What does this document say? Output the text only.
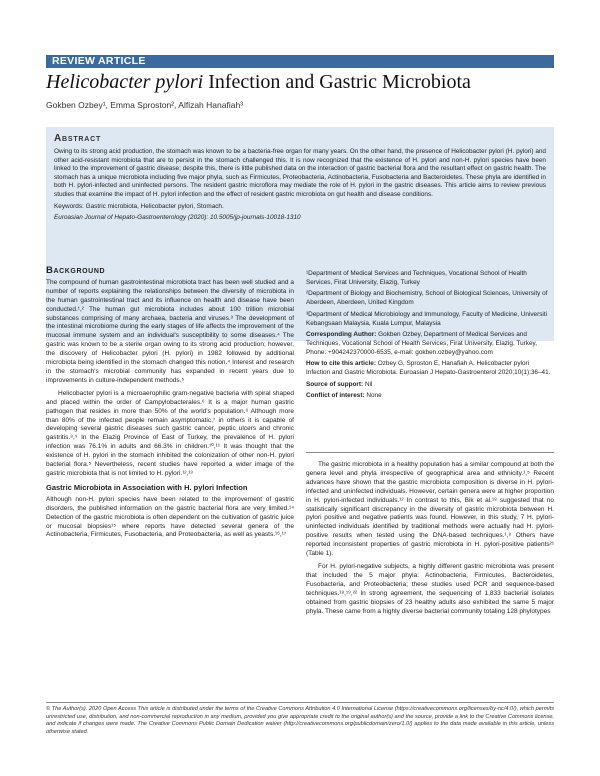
REVIEW ARTICLE
Helicobacter pylori Infection and Gastric Microbiota
Gokben Ozbey¹, Emma Sproston², Alfizah Hanafiah³
Abstract
Owing to its strong acid production, the stomach was known to be a bacteria-free organ for many years. On the other hand, the presence of Helicobacter pylori (H. pylori) and other acid-resistant microbiota that are to persist in the stomach challenged this. It is now recognized that the existence of H. pylori and non-H. pylori species have been linked to the improvement of gastric disease; despite this, there is little published data on the interaction of gastric bacterial flora and the resultant effect on gastric health. The stomach has a unique microbiota including five major phyla, such as Firmicutes, Proteobacteria, Actinobacteria, Fusobacteria and Bacteroidetes. These phyla are identified in both H. pylori-infected and uninfected persons. The resident gastric microflora may mediate the role of H. pylori in the gastric diseases. This article aims to review previous studies that examine the impact of H. pylori infection and the effect of resident gastric microbiota on gut health and disease conditions.
Keywords: Gastric microbiota, Helicobacter pylori, Stomach.
Euroasian Journal of Hepato-Gastroenterology (2020): 10.5005/jp-journals-10018-1310
Background

The compound of human gastrointestinal microbiota tract has been well studied and a number of reports explaining the relationships between the diversity of microbiota in the human gastrointestinal tract and its influence on health and disease have been conducted.¹,² The human gut microbiota includes about 100 trillion microbial substances comprising of many archaea, bacteria and viruses.³ The development of the intestinal microbiome during the early stages of life affects the improvement of the mucosal immune system and an individual's susceptibility to some diseases.⁴ The gastric was known to be a sterile organ owing to its strong acid production; however, the discovery of Helicobacter pylori (H. pylori) in 1982 followed by additional microbiota being identified in the stomach changed this notion.⁴ Interest and research in the stomach's microbial community has expanded in recent years due to improvements in culture-independent methods.⁵

Helicobacter pylori is a microaerophilic gram-negative bacteria with spiral shaped and placed within the order of Campylobacterales.⁶ It is a major human gastric pathogen that resides in more than 50% of the world's population.⁶ Although more than 80% of the infected people remain asymptomatic,⁷ in others it is capable of developing several gastric diseases such gastric cancer, peptic ulcers and chronic gastritis.⁸,⁹ In the Elazig Province of East of Turkey, the prevalence of H. pylori infection was 76.1% in adults and 66.3% in children.¹⁰,¹¹ It was thought that the existence of H. pylori in the stomach inhibited the colonization of other non-H. pylori bacterial flora.⁵ Nevertheless, recent studies have reported a wider image of the gastric microbiota that is not limited to H. pylori.¹²,¹³

Gastric Microbiota in Association with H. pylori Infection

Although non-H. pylori species have been related to the improvement of gastric disorders, the published information on the gastric bacterial flora are very limited.¹⁴ Detection of the gastric microbiota is often dependent on the cultivation of gastric juice or mucosal biopsies¹⁵ where reports have detected several genera of the Actinobacteria, Firmicutes, Fusobacteria, and Proteobacteria, as well as yeasts.¹⁶,¹⁷

¹Department of Medical Services and Techniques, Vocational School of Health Services, Firat University, Elazig, Turkey

²Department of Biology and Biochemistry, School of Biological Sciences, University of Aberdeen, Aberdeen, United Kingdom

³Department of Medical Microbiology and Immunology, Faculty of Medicine, Universiti Kebangsaan Malaysia, Kuala Lumpur, Malaysia

Corresponding Author: Gokben Ozbey, Department of Medical Services and Techniques, Vocational School of Health Services, Firat University, Elazig, Turkey, Phone: +904242370000-6535, e-mail: gokben.ozbey@yahoo.com

How to cite this article: Ozbey G, Sproston E, Hanafiah A. Helicobacter pylori Infection and Gastric Microbiota. Euroasian J Hepato-Gastroenterol 2020;10(1):36–41.

Source of support: Nil

Conflict of interest: None

The gastric microbiota in a healthy population has a similar compound at both the genera level and phyla irrespective of geographical area and ethnicity.¹,⁵ Recent advances have shown that the gastric microbiota composition is diverse in H. pylori-infected and uninfected individuals. However, certain genera were at higher proportion in H. pylori-infected individuals.¹² In contrast to this, Bik et al.¹⁸ suggested that no statistically significant discrepancy in the diversity of gastric microbiota between H. pylori positive and negative patients was found. However, in this study, 7 H. pylori-uninfected individuals identified by traditional methods were actually had H. pylori-positive results when tested using the DNA-based techniques.¹,⁸ Others have reported inconsistent properties of gastric microbiota in H. pylori-positive patients²¹ (Table 1).

For H. pylori-negative subjects, a highly different gastric microbiota was present that included the 5 major phyla: Actinobacteria, Firmicutes, Bacteroidetes, Fusobacteria, and Proteobacteria; these studies used PCR and sequence-based techniques.¹⁸,¹⁹,²² In strong agreement, the sequencing of 1,833 bacterial isolates obtained from gastric biopsies of 23 healthy adults also exhibited the same 5 major phyla. These came from a highly diverse bacterial community totaling 128 phylotypes

© The Author(s). 2020 Open Access This article is distributed under the terms of the Creative Commons Attribution 4.0 International License (https://creativecommons.org/licenses/by-nc/4.0/), which permits unrestricted use, distribution, and non-commercial reproduction in any medium, provided you give appropriate credit to the original author(s) and the source, provide a link to the Creative Commons license, and indicate if changes were made. The Creative Commons Public Domain Dedication waiver (http://creativecommons.org/publicdomain/zero/1.0/) applies to the data made available in this article, unless otherwise stated.
